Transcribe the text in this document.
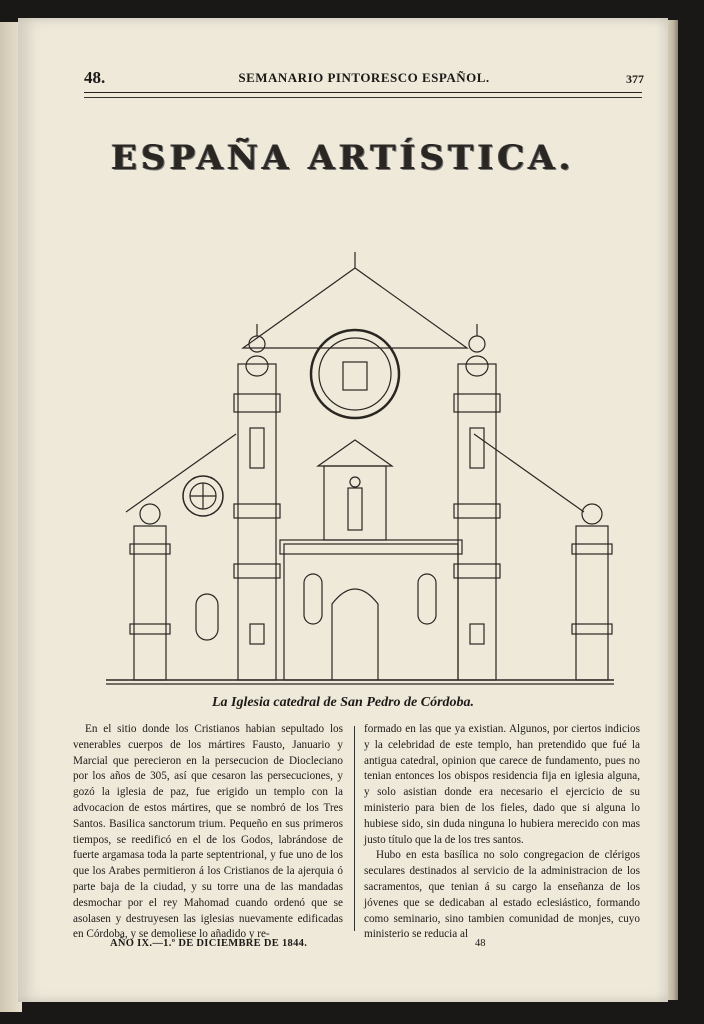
48.	SEMANARIO PINTORESCO ESPAÑOL.	377
ESPAÑA ARTÍSTICA.
La Iglesia catedral de San Pedro de Córdoba.

En el sitio donde los Cristianos habian sepultado los venerables cuerpos de los mártires Fausto, Januario y Marcial que perecieron en la persecucion de Diocleciano por los años de 305, así que cesaron las persecuciones, y gozó la iglesia de paz, fue erigido un templo con la advocacion de estos mártires, que se nombró de los Tres Santos. Basilica sanctorum trium. Pequeño en sus primeros tiempos, se reedificó en el de los Godos, labrándose de fuerte argamasa toda la parte septentrional, y fue uno de los que los Arabes permitieron á los Cristianos de la ajerquia ó parte baja de la ciudad, y su torre una de las mandadas desmochar por el rey Mahomad cuando ordenó que se asolasen y destruyesen las iglesias nuevamente edificadas en Córdoba, y se demoliese lo añadido y re-

formado en las que ya existian. Algunos, por ciertos indicios y la celebridad de este templo, han pretendido que fué la antigua catedral, opinion que carece de fundamento, pues no tenian entonces los obispos residencia fija en iglesia alguna, y solo asistian donde era necesario el ejercicio de su ministerio para bien de los fieles, dado que si alguna lo hubiese sido, sin duda ninguna lo hubiera merecido con mas justo título que la de los tres santos.

Hubo en esta basílica no solo congregacion de clérigos seculares destinados al servicio de la administracion de los sacramentos, que tenian á su cargo la enseñanza de los jóvenes que se dedicaban al estado eclesiástico, formando como seminario, sino tambien comunidad de monjes, cuyo ministerio se reducia al

AÑO IX.—1.º DE DICIEMBRE DE 1844.	48
